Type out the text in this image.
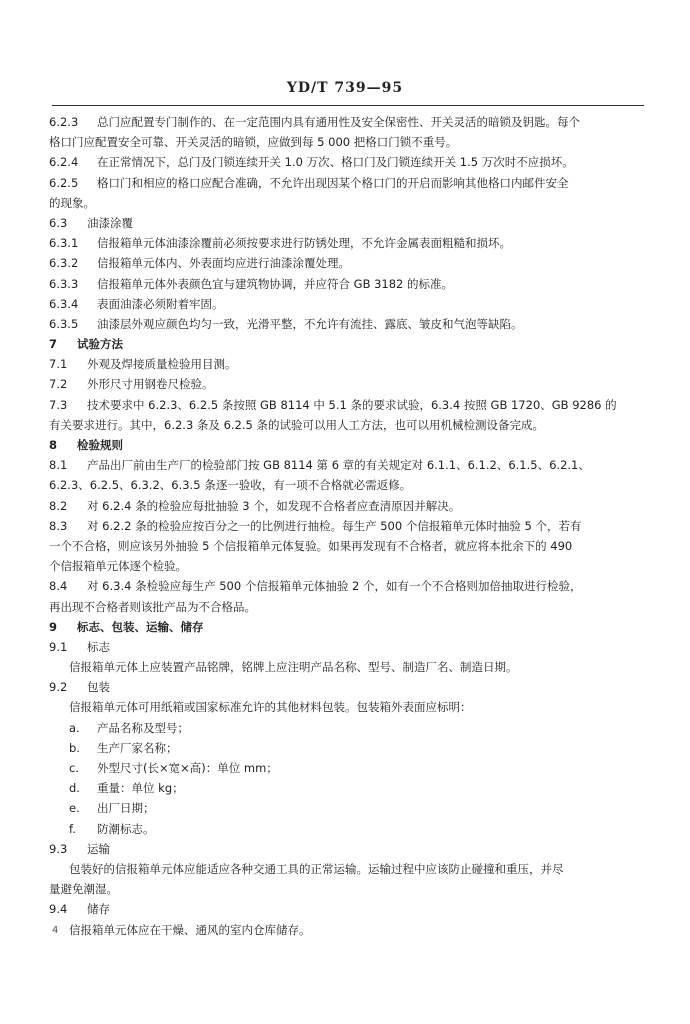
YD/T 739—95
6.2.3 总门应配置专门制作的、在一定范围内具有通用性及安全保密性、开关灵活的暗锁及钥匙。每个
格口门应配置安全可靠、开关灵活的暗锁，应做到每 5 000 把格口门锁不重号。
6.2.4 在正常情况下，总门及门锁连续开关 1.0 万次、格口门及门锁连续开关 1.5 万次时不应损坏。
6.2.5 格口门和相应的格口应配合准确，不允许出现因某个格口门的开启而影响其他格口内邮件安全
的现象。
6.3 油漆涂覆
6.3.1 信报箱单元体油漆涂覆前必须按要求进行防锈处理，不允许金属表面粗糙和损坏。
6.3.2 信报箱单元体内、外表面均应进行油漆涂覆处理。
6.3.3 信报箱单元体外表颜色宜与建筑物协调，并应符合 GB 3182 的标准。
6.3.4 表面油漆必须附着牢固。
6.3.5 油漆层外观应颜色均匀一致，光滑平整，不允许有流挂、露底、皱皮和气泡等缺陷。
7 试验方法
7.1 外观及焊接质量检验用目测。
7.2 外形尺寸用钢卷尺检验。
7.3 技术要求中 6.2.3、6.2.5 条按照 GB 8114 中 5.1 条的要求试验，6.3.4 按照 GB 1720、GB 9286 的
有关要求进行。其中，6.2.3 条及 6.2.5 条的试验可以用人工方法，也可以用机械检测设备完成。
8 检验规则
8.1 产品出厂前由生产厂的检验部门按 GB 8114 第 6 章的有关规定对 6.1.1、6.1.2、6.1.5、6.2.1、
6.2.3、6.2.5、6.3.2、6.3.5 条逐一验收，有一项不合格就必需返修。
8.2 对 6.2.4 条的检验应每批抽验 3 个，如发现不合格者应查清原因并解决。
8.3 对 6.2.2 条的检验应按百分之一的比例进行抽检。每生产 500 个信报箱单元体时抽验 5 个，若有
一个不合格，则应该另外抽验 5 个信报箱单元体复验。如果再发现有不合格者，就应将本批余下的 490
个信报箱单元体逐个检验。
8.4 对 6.3.4 条检验应每生产 500 个信报箱单元体抽验 2 个，如有一个不合格则加倍抽取进行检验，
再出现不合格者则该批产品为不合格品。
9 标志、包装、运输、储存
9.1 标志
信报箱单元体上应装置产品铭牌，铭牌上应注明产品名称、型号、制造厂名、制造日期。
9.2 包装
信报箱单元体可用纸箱或国家标准允许的其他材料包装。包装箱外表面应标明：
a. 产品名称及型号；
b. 生产厂家名称；
c. 外型尺寸(长×宽×高)：单位 mm；
d. 重量：单位 kg；
e. 出厂日期；
f. 防潮标志。
9.3 运输
包装好的信报箱单元体应能适应各种交通工具的正常运输。运输过程中应该防止碰撞和重压，并尽
量避免潮湿。
9.4 储存
信报箱单元体应在干燥、通风的室内仓库储存。
4
